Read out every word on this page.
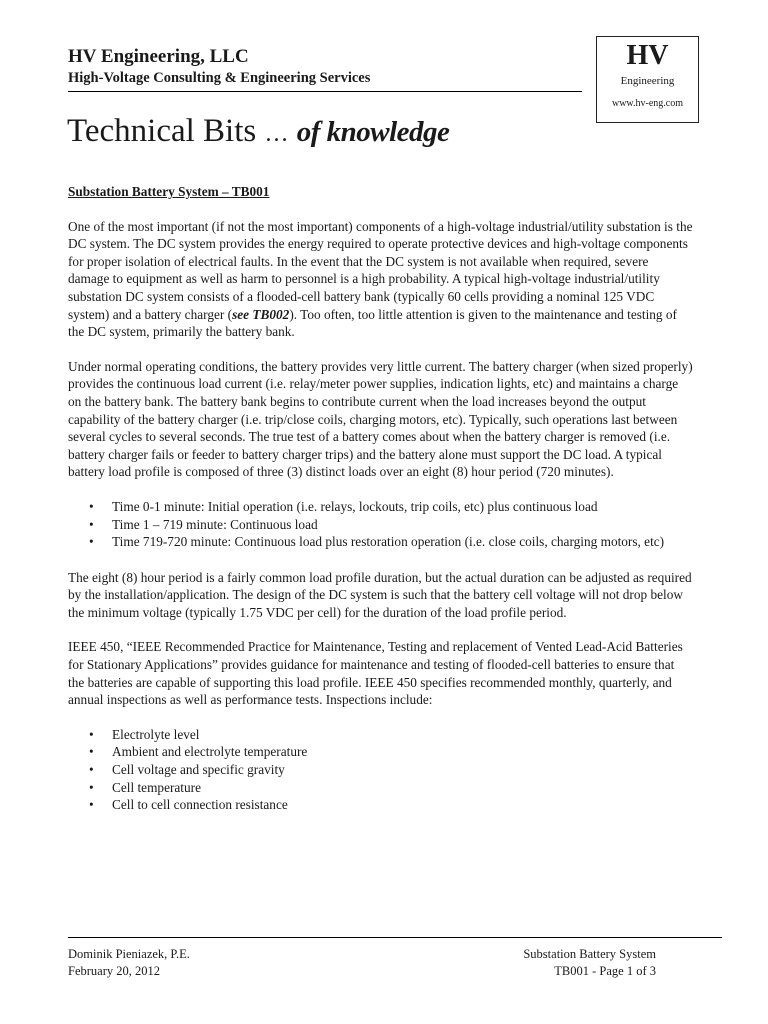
HV Engineering, LLC
High-Voltage Consulting & Engineering Services
HV
Engineering
www.hv-eng.com
Technical Bits … of knowledge

Substation Battery System – TB001

One of the most important (if not the most important) components of a high-voltage industrial/utility substation is the DC system. The DC system provides the energy required to operate protective devices and high-voltage components for proper isolation of electrical faults. In the event that the DC system is not available when required, severe damage to equipment as well as harm to personnel is a high probability. A typical high-voltage industrial/utility substation DC system consists of a flooded-cell battery bank (typically 60 cells providing a nominal 125 VDC system) and a battery charger (see TB002). Too often, too little attention is given to the maintenance and testing of the DC system, primarily the battery bank.

Under normal operating conditions, the battery provides very little current. The battery charger (when sized properly) provides the continuous load current (i.e. relay/meter power supplies, indication lights, etc) and maintains a charge on the battery bank. The battery bank begins to contribute current when the load increases beyond the output capability of the battery charger (i.e. trip/close coils, charging motors, etc). Typically, such operations last between several cycles to several seconds. The true test of a battery comes about when the battery charger is removed (i.e. battery charger fails or feeder to battery charger trips) and the battery alone must support the DC load. A typical battery load profile is composed of three (3) distinct loads over an eight (8) hour period (720 minutes).

• Time 0-1 minute: Initial operation (i.e. relays, lockouts, trip coils, etc) plus continuous load
• Time 1 – 719 minute: Continuous load
• Time 719-720 minute: Continuous load plus restoration operation (i.e. close coils, charging motors, etc)

The eight (8) hour period is a fairly common load profile duration, but the actual duration can be adjusted as required by the installation/application. The design of the DC system is such that the battery cell voltage will not drop below the minimum voltage (typically 1.75 VDC per cell) for the duration of the load profile period.

IEEE 450, “IEEE Recommended Practice for Maintenance, Testing and replacement of Vented Lead-Acid Batteries for Stationary Applications” provides guidance for maintenance and testing of flooded-cell batteries to ensure that the batteries are capable of supporting this load profile. IEEE 450 specifies recommended monthly, quarterly, and annual inspections as well as performance tests. Inspections include:

• Electrolyte level
• Ambient and electrolyte temperature
• Cell voltage and specific gravity
• Cell temperature
• Cell to cell connection resistance
Dominik Pieniazek, P.E.
February 20, 2012
Substation Battery System
TB001 - Page 1 of 3
